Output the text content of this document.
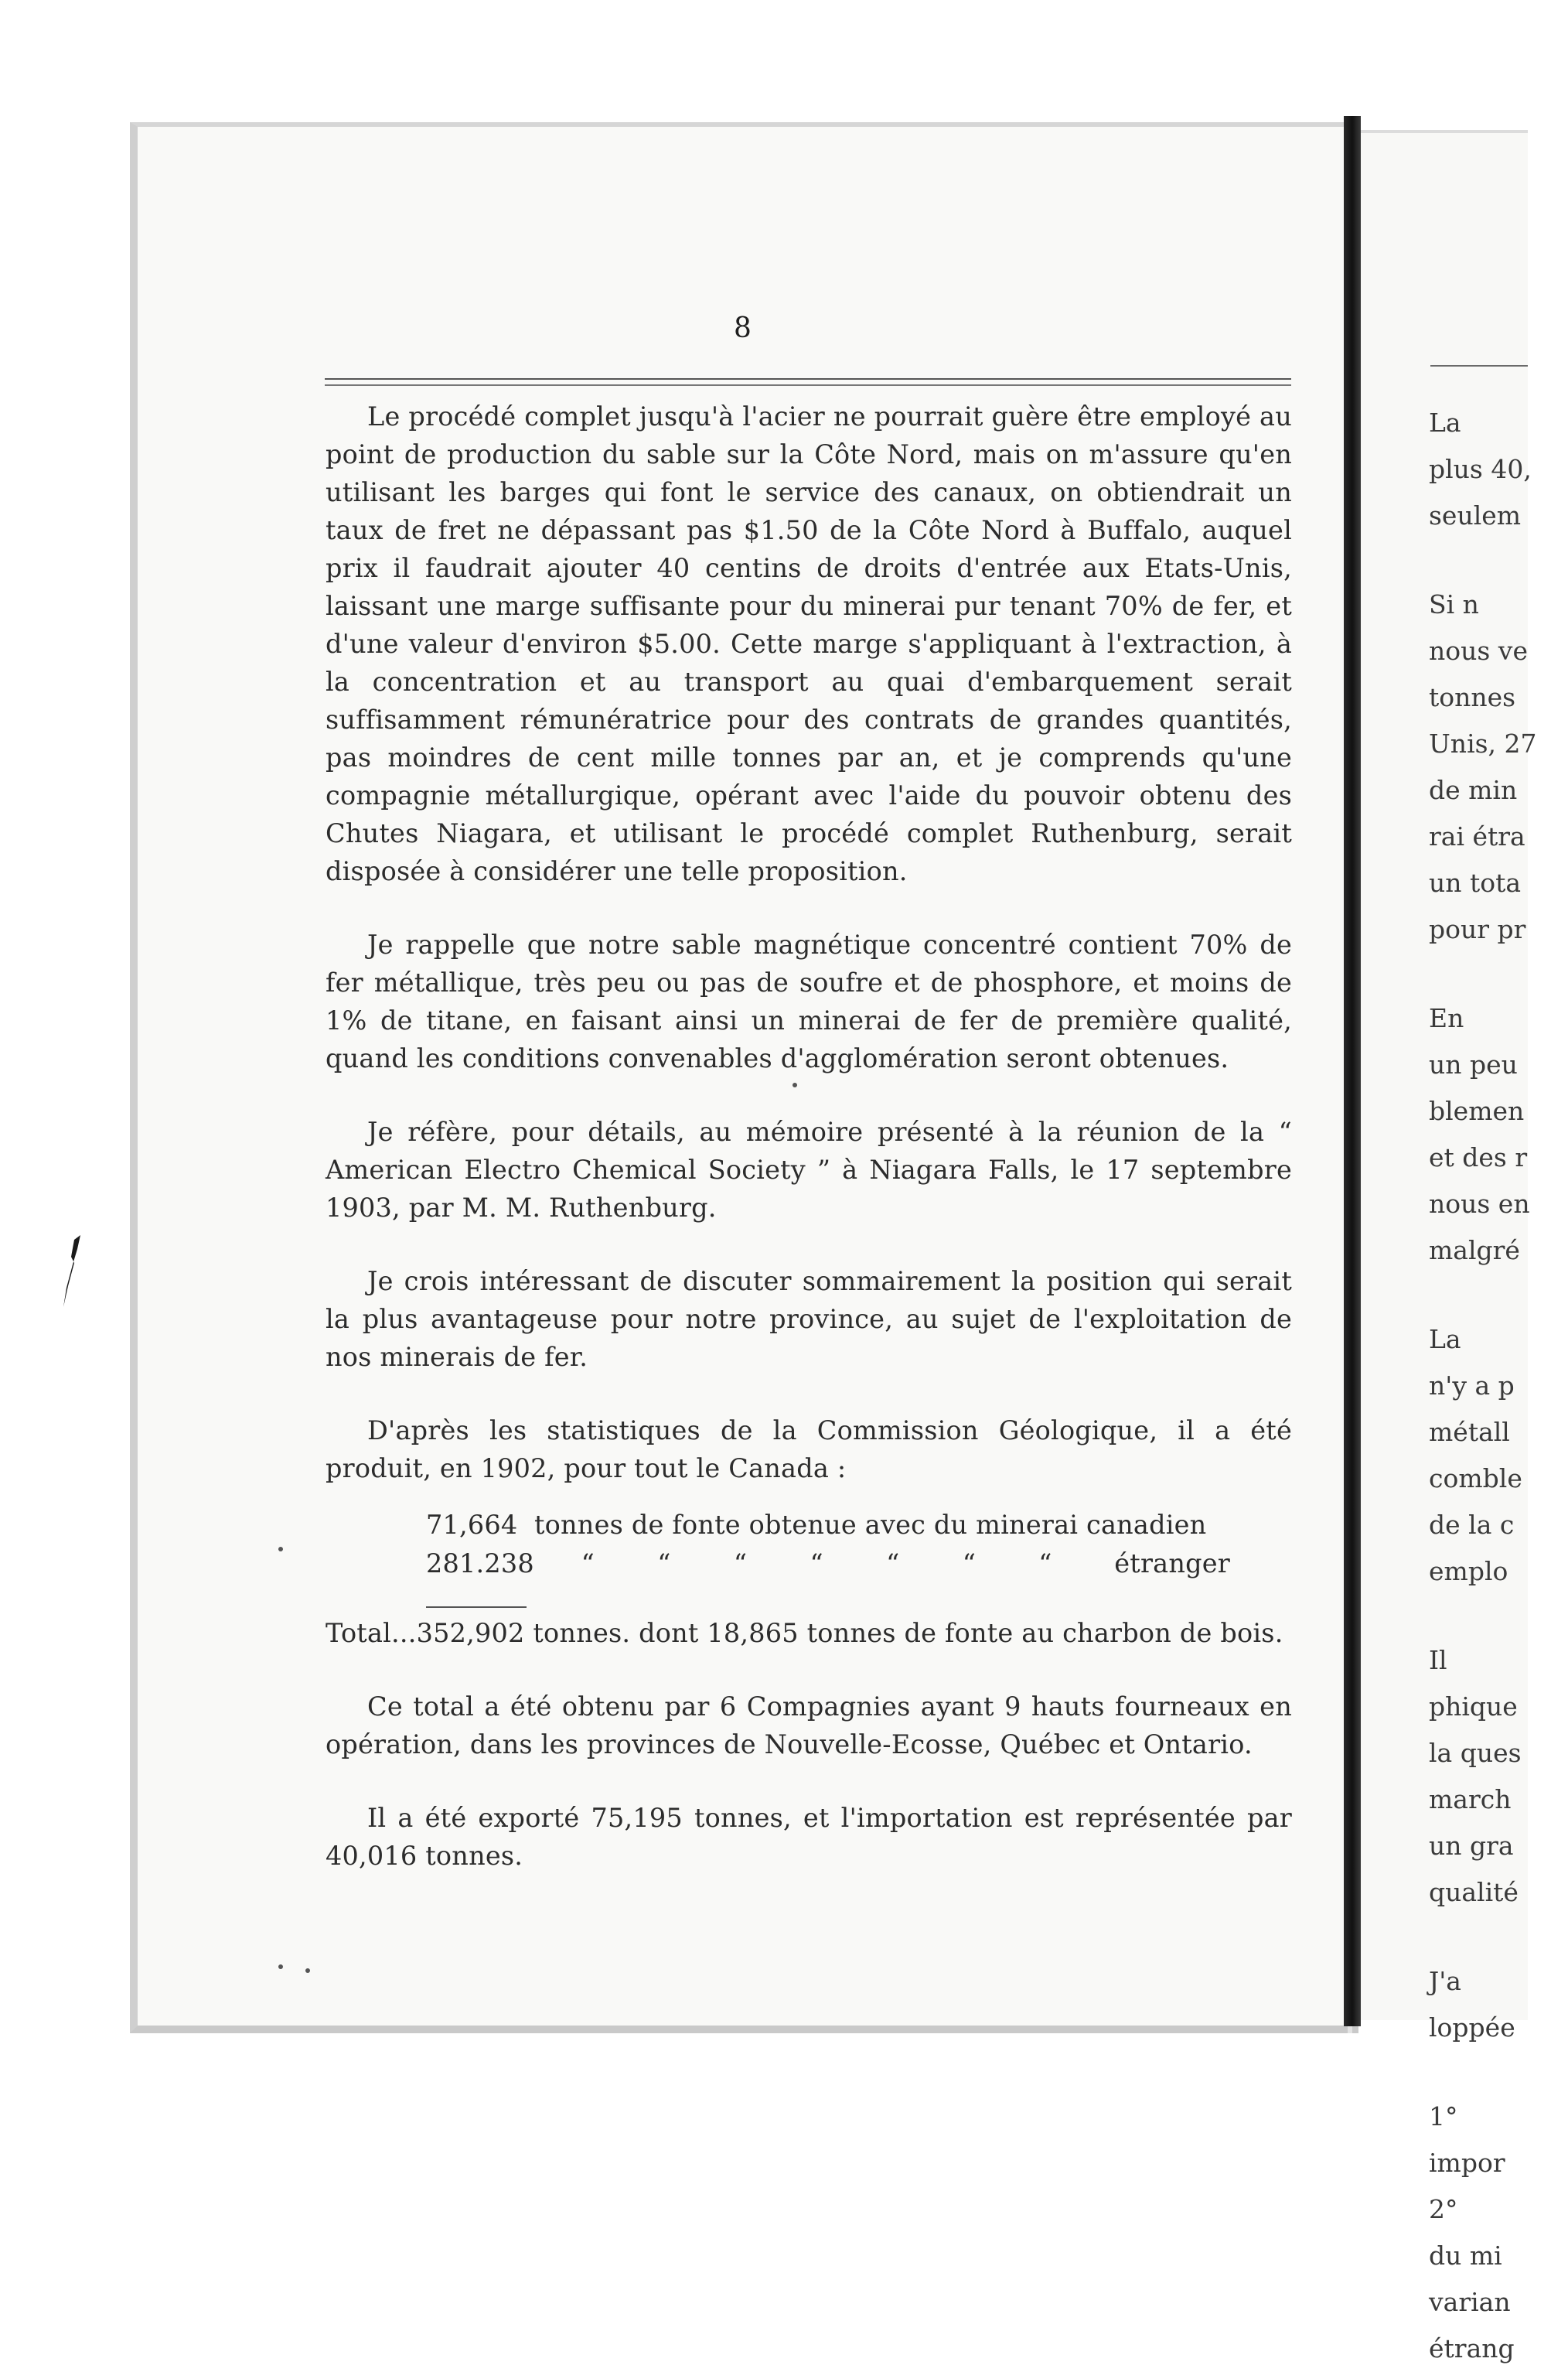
8

Le procédé complet jusqu'à l'acier ne pourrait guère être employé au point de production du sable sur la Côte Nord, mais on m'assure qu'en utilisant les barges qui font le service des canaux, on obtiendrait un taux de fret ne dépassant pas $1.50 de la Côte Nord à Buffalo, auquel prix il faudrait ajouter 40 centins de droits d'entrée aux Etats-Unis, laissant une marge suffisante pour du minerai pur tenant 70% de fer, et d'une valeur d'environ $5.00. Cette marge s'appliquant à l'extraction, à la concentration et au transport au quai d'embarquement serait suffisamment rémunératrice pour des contrats de grandes quantités, pas moindres de cent mille tonnes par an, et je comprends qu'une compagnie métallurgique, opérant avec l'aide du pouvoir obtenu des Chutes Niagara, et utilisant le procédé complet Ruthenburg, serait disposée à considérer une telle proposition.

Je rappelle que notre sable magnétique concentré contient 70% de fer métallique, très peu ou pas de soufre et de phosphore, et moins de 1% de titane, en faisant ainsi un minerai de fer de première qualité, quand les conditions convenables d'agglomération seront obtenues.

Je réfère, pour détails, au mémoire présenté à la réunion de la “ American Electro Chemical Society ” à Niagara Falls, le 17 septembre 1903, par M. M. Ruthenburg.

Je crois intéressant de discuter sommairement la position qui serait la plus avantageuse pour notre province, au sujet de l'exploitation de nos minerais de fer.

D'après les statistiques de la Commission Géologique, il a été produit, en 1902, pour tout le Canada :

71,664 tonnes de fonte obtenue avec du minerai canadien
281.238 “ “ “ “ “ “ “ étranger
Total...352,902 tonnes. dont 18,865 tonnes de fonte au charbon de bois.

Ce total a été obtenu par 6 Compagnies ayant 9 hauts fourneaux en opération, dans les provinces de Nouvelle-Ecosse, Québec et Ontario.

Il a été exporté 75,195 tonnes, et l'importation est représentée par 40,016 tonnes.

La
plus 40,
seulem
Si n
nous ve
tonnes
Unis, 27
de min
rai étra
un tota
pour pr
En
un peu
blemen
et des r
nous en
malgré
La
n'y a p
métall
comble
de la c
emplo
Il
phique
la ques
march
un gra
qualité
J'a
loppée
1°
impor
2°
du mi
varian
étrang
